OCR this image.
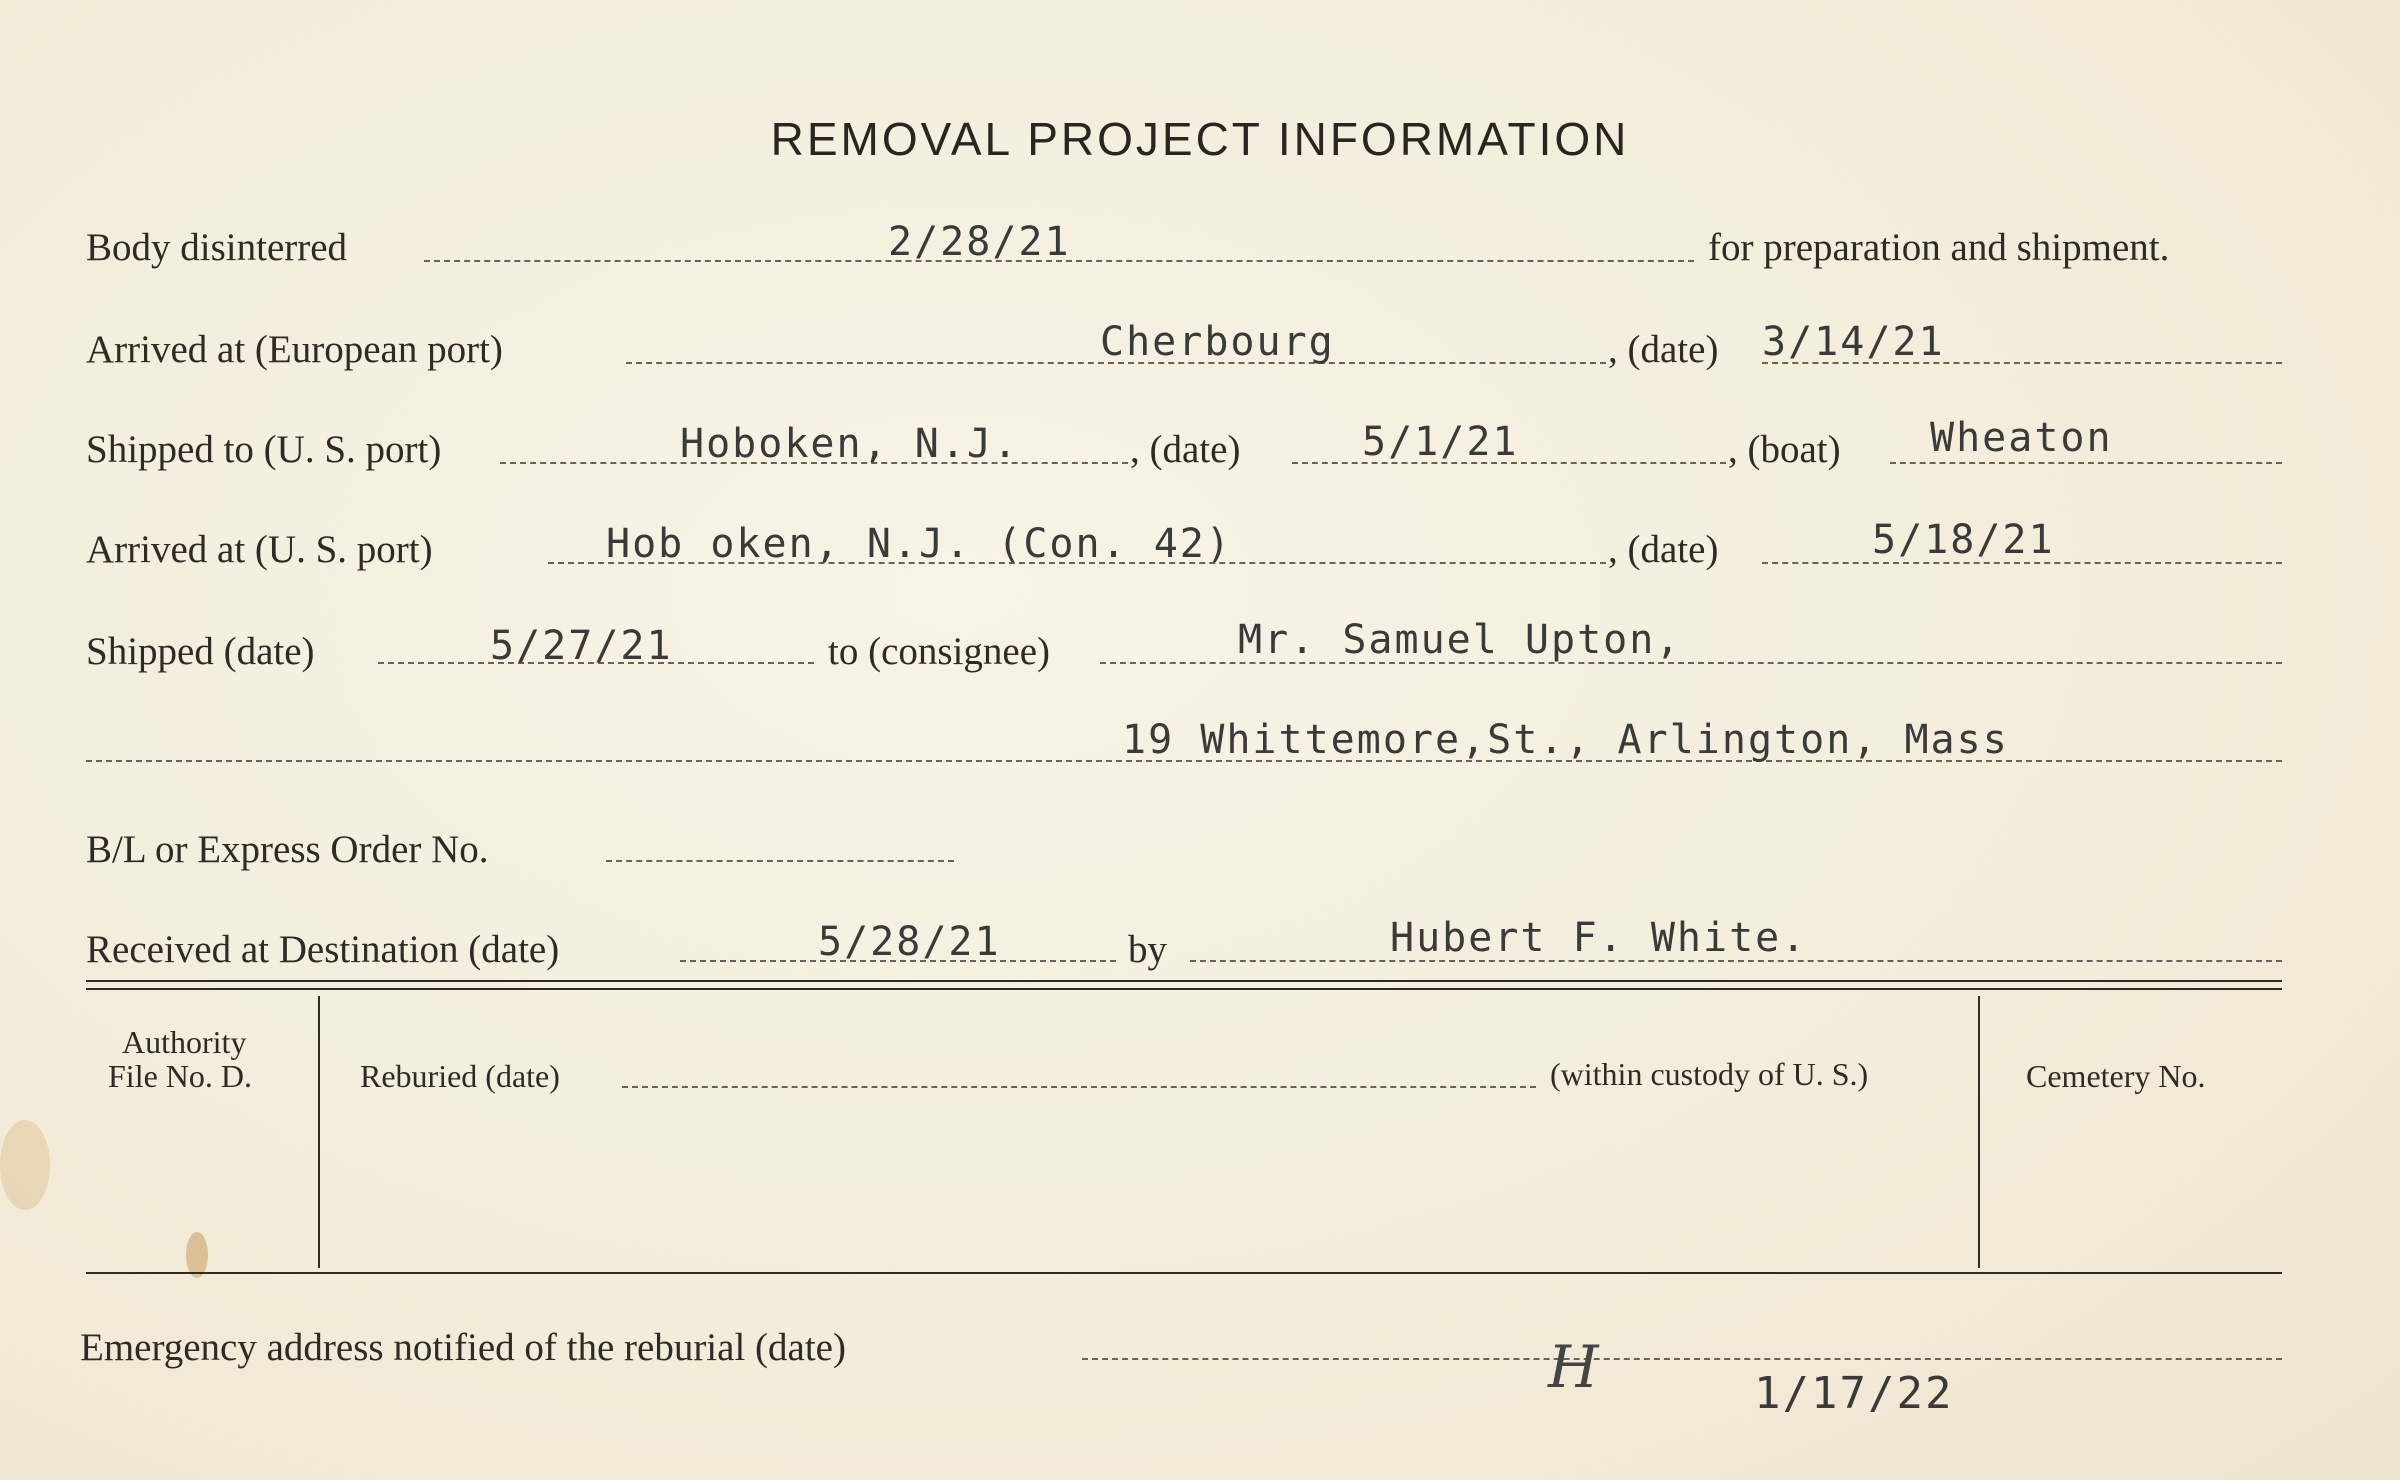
REMOVAL PROJECT INFORMATION
Body disinterred	2/28/21	for preparation and shipment.
Arrived at (European port)	Cherbourg	, (date) 3/14/21
Shipped to (U. S. port)	Hoboken, N.J.	, (date)	5/1/21	, (boat) Wheaton
Arrived at (U. S. port)	Hob oken, N.J. (Con. 42)	, (date)	5/18/21
Shipped (date)	5/27/21	to (consignee)	Mr. Samuel Upton,
19 Whittemore,St., Arlington, Mass
B/L or Express Order No.
Received at Destination (date)	5/28/21	by	Hubert F. White.
Authority
File No. D.	Reburied (date)	(within custody of U. S.)	Cemetery No.
Emergency address notified of the reburial (date)	H	1/17/22
